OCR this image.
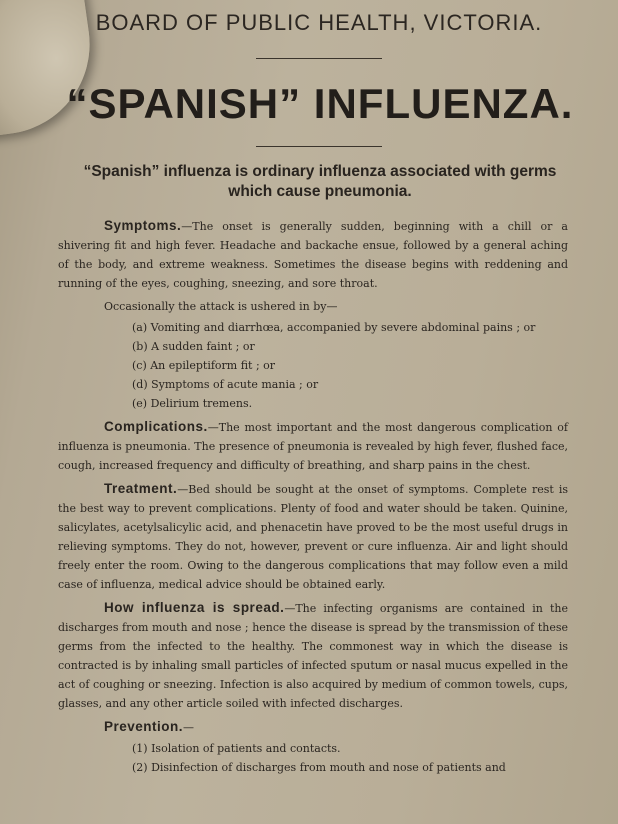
BOARD OF PUBLIC HEALTH, VICTORIA.
“SPANISH” INFLUENZA.
“Spanish” influenza is ordinary influenza associated with germs which cause pneumonia.

Symptoms.—The onset is generally sudden, beginning with a chill or a shivering fit and high fever. Headache and backache ensue, followed by a general aching of the body, and extreme weakness. Sometimes the disease begins with reddening and running of the eyes, coughing, sneezing, and sore throat.

Occasionally the attack is ushered in by—
(a) Vomiting and diarrhœa, accompanied by severe abdominal pains ; or
(b) A sudden faint ; or
(c) An epileptiform fit ; or
(d) Symptoms of acute mania ; or
(e) Delirium tremens.

Complications.—The most important and the most dangerous complication of influenza is pneumonia. The presence of pneumonia is revealed by high fever, flushed face, cough, increased frequency and difficulty of breathing, and sharp pains in the chest.

Treatment.—Bed should be sought at the onset of symptoms. Complete rest is the best way to prevent complications. Plenty of food and water should be taken. Quinine, salicylates, acetylsalicylic acid, and phenacetin have proved to be the most useful drugs in relieving symptoms. They do not, however, prevent or cure influenza. Air and light should freely enter the room. Owing to the dangerous complications that may follow even a mild case of influenza, medical advice should be obtained early.

How influenza is spread.—The infecting organisms are contained in the discharges from mouth and nose ; hence the disease is spread by the transmission of these germs from the infected to the healthy. The commonest way in which the disease is contracted is by inhaling small particles of infected sputum or nasal mucus expelled in the act of coughing or sneezing. Infection is also acquired by medium of common towels, cups, glasses, and any other article soiled with infected discharges.

Prevention.—

(1) Isolation of patients and contacts.
(2) Disinfection of discharges from mouth and nose of patients and
